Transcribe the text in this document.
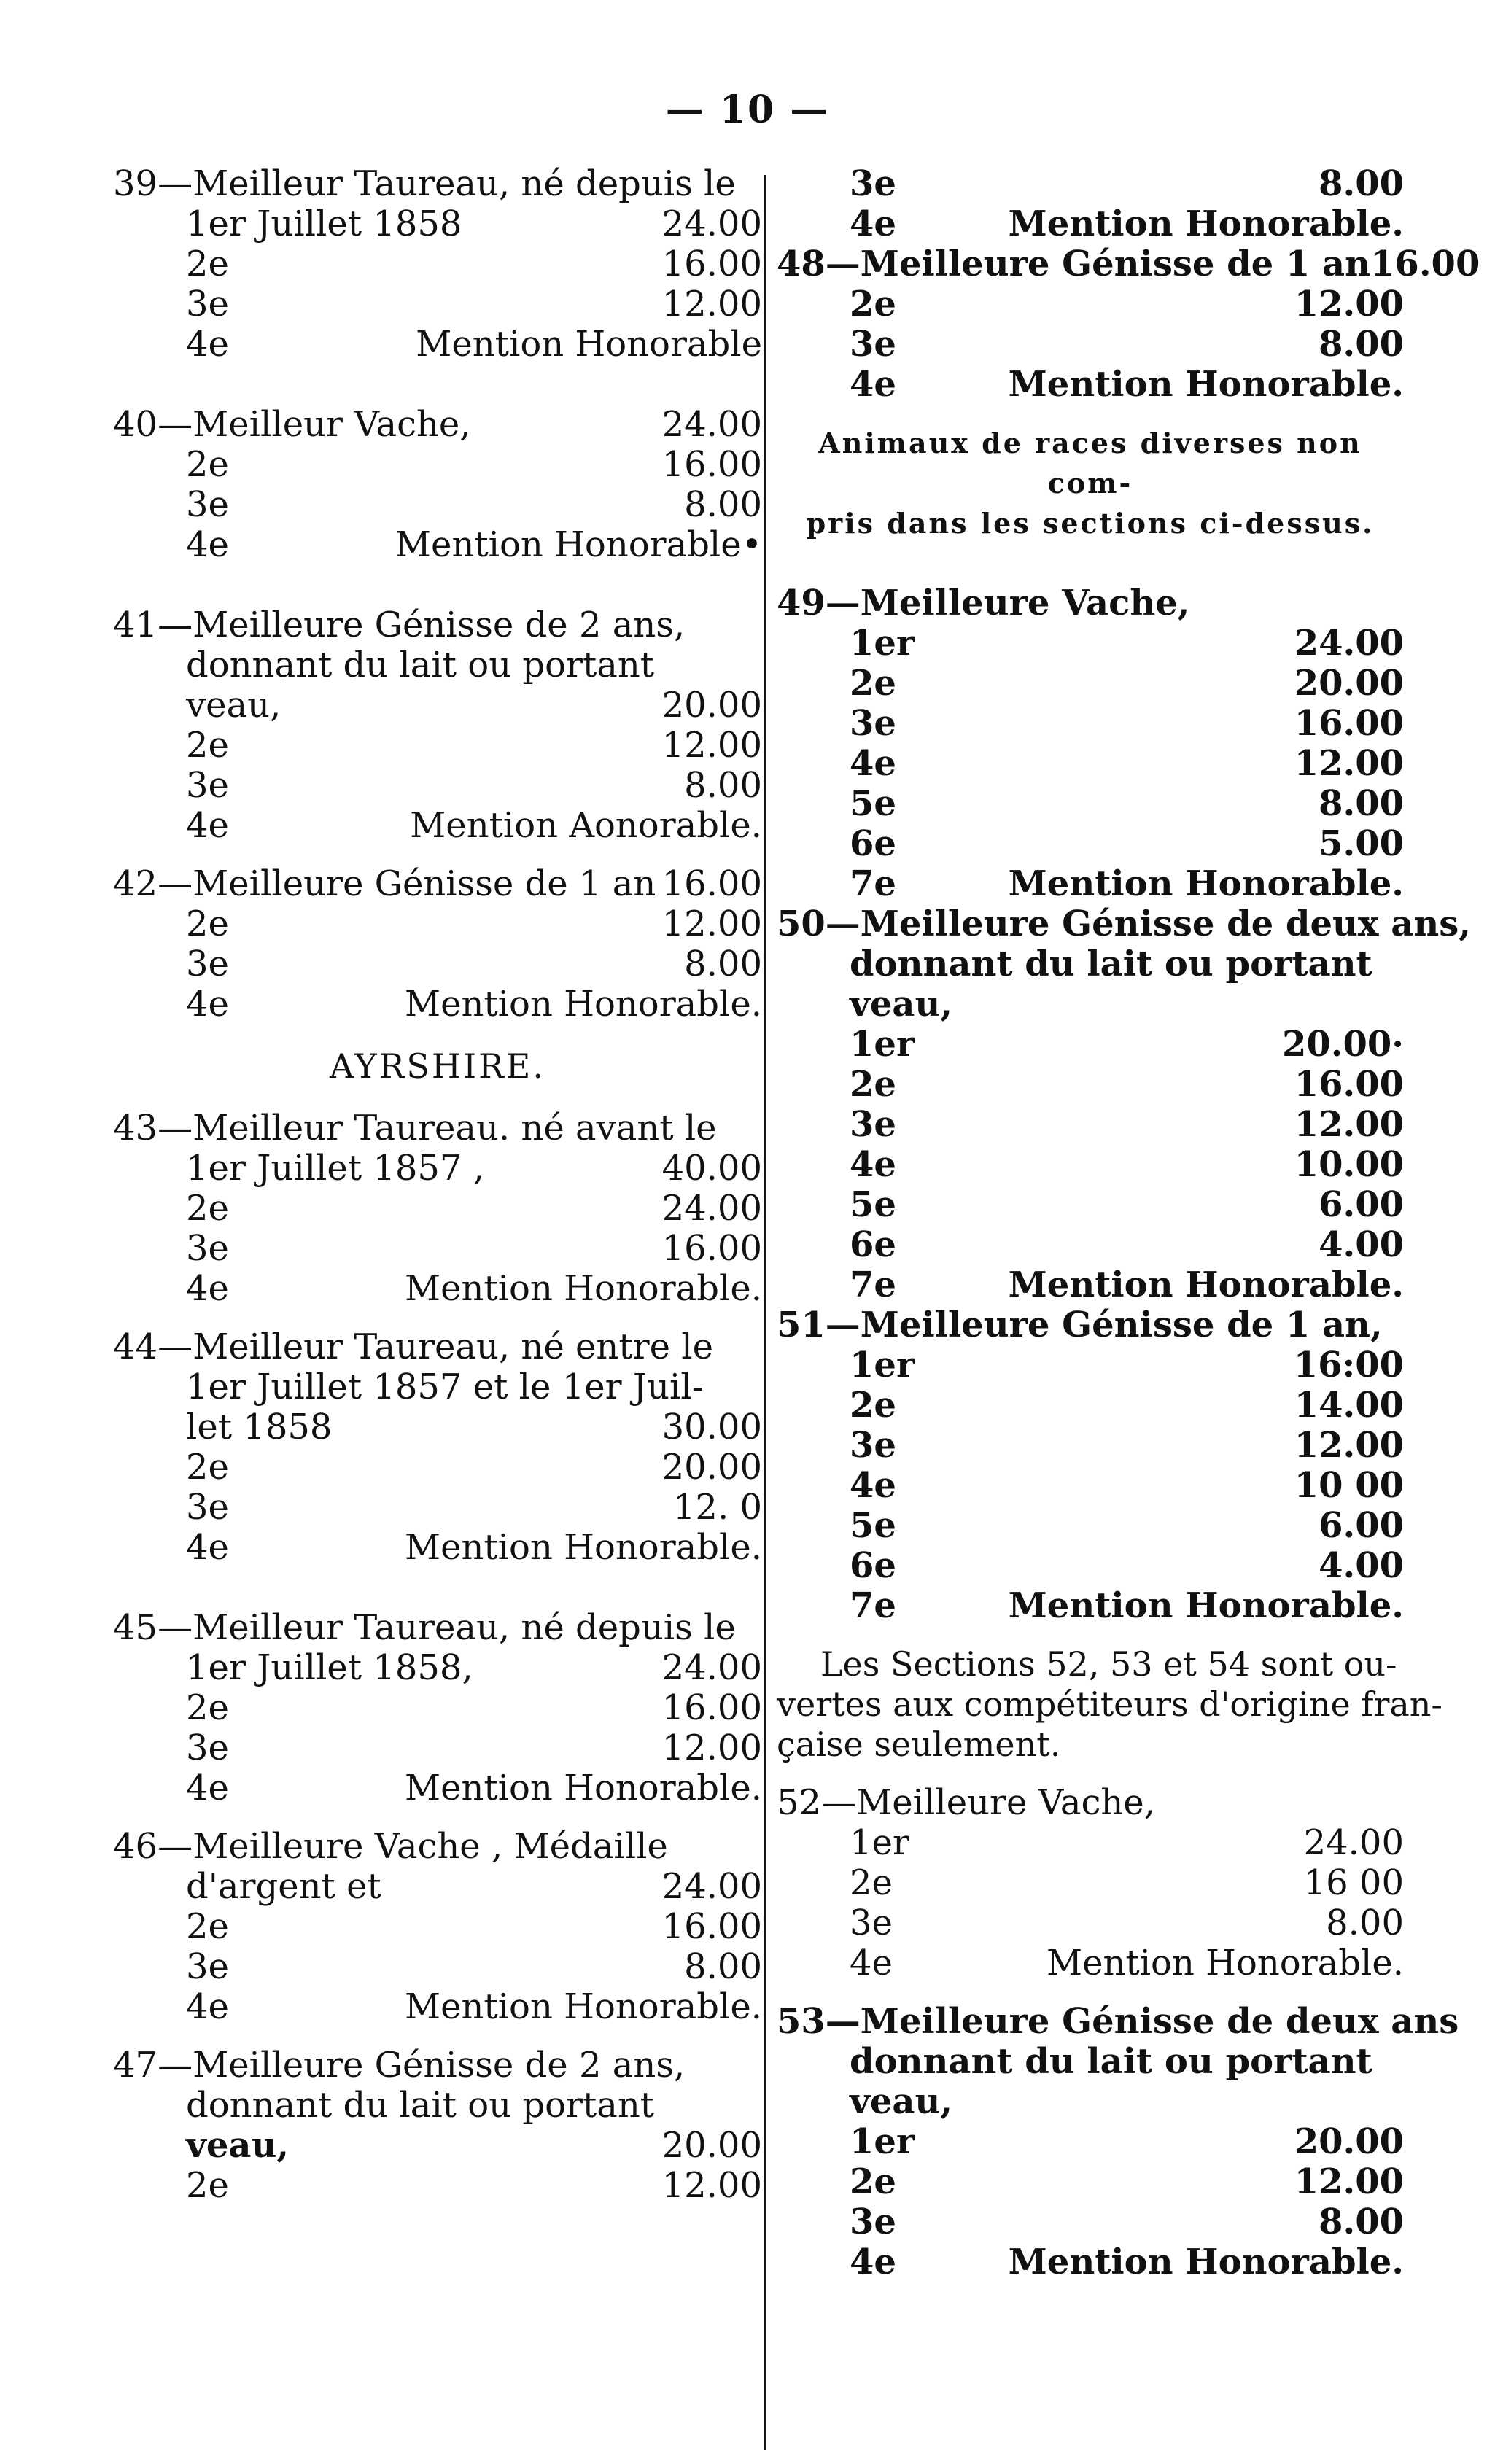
— 10 —
39—Meilleur Taureau, né depuis le
1er Juillet 1858	24.00
2e	16.00
3e	12.00
4e	Mention Honorable
40—Meilleur Vache,	24.00
2e	16.00
3e	8.00
4e	Mention Honorable•
41—Meilleure Génisse de 2 ans,
donnant du lait ou portant
veau,	20.00
2e	12.00
3e	8.00
4e	Mention Aonorable.
42—Meilleure Génisse de 1 an 16.00
2e	12.00
3e	8.00
4e	Mention Honorable.
AYRSHIRE.
43—Meilleur Taureau. né avant le
1er Juillet 1857 ,	40.00
2e	24.00
3e	16.00
4e	Mention Honorable.
44—Meilleur Taureau, né entre le
1er Juillet 1857 et le 1er Juil-
let 1858	30.00
2e	20.00
3e	12. 0
4e	Mention Honorable.
45—Meilleur Taureau, né depuis le
1er Juillet 1858,	24.00
2e	16.00
3e	12.00
4e	Mention Honorable.
46—Meilleure Vache , Médaille
d'argent et	24.00
2e	16.00
3e	8.00
4e	Mention Honorable.
47—Meilleure Génisse de 2 ans,
donnant du lait ou portant
veau,	20.00
2e	12.00
3e	8.00
4e	Mention Honorable.
48—Meilleure Génisse de 1 an 16.00
2e	12.00
3e	8.00
4e	Mention Honorable.
Animaux de races diverses non com-
pris dans les sections ci-dessus.
49—Meilleure Vache,
1er	24.00
2e	20.00
3e	16.00
4e	12.00
5e	8.00
6e	5.00
7e	Mention Honorable.
50—Meilleure Génisse de deux ans,
donnant du lait ou portant
veau,
1er	20.00·
2e	16.00
3e	12.00
4e	10.00
5e	6.00
6e	4.00
7e	Mention Honorable.
51—Meilleure Génisse de 1 an,
1er	16:00
2e	14.00
3e	12.00
4e	10 00
5e	6.00
6e	4.00
7e	Mention Honorable.
Les Sections 52, 53 et 54 sont ou-
vertes aux compétiteurs d'origine fran-
çaise seulement.
52—Meilleure Vache,
1er	24.00
2e	16 00
3e	8.00
4e	Mention Honorable.
53—Meilleure Génisse de deux ans
donnant du lait ou portant
veau,
1er	20.00
2e	12.00
3e	8.00
4e	Mention Honorable.
